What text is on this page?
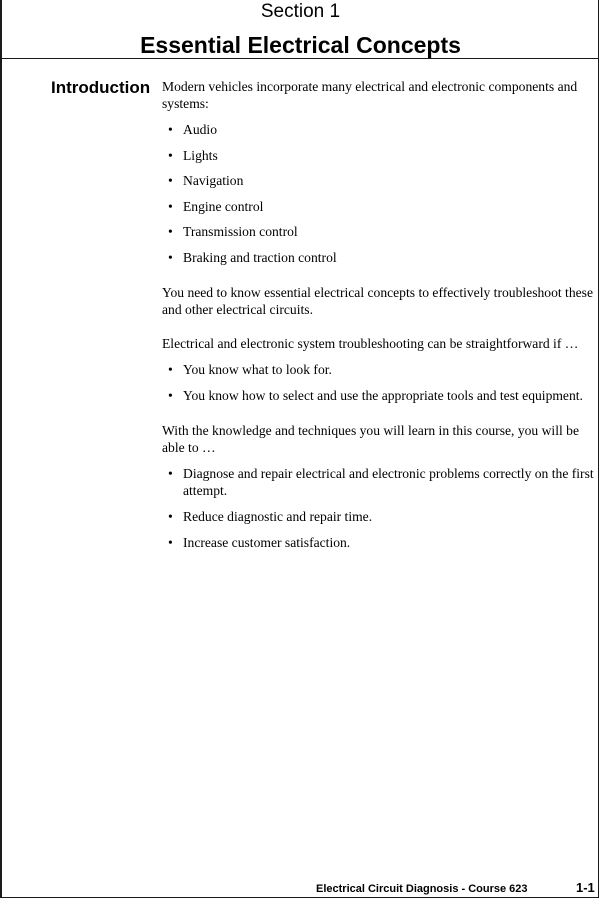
Section 1
Essential Electrical Concepts
Introduction Modern vehicles incorporate many electrical and electronic components and systems:

• Audio
• Lights
• Navigation
• Engine control
• Transmission control
• Braking and traction control

You need to know essential electrical concepts to effectively troubleshoot these and other electrical circuits.

Electrical and electronic system troubleshooting can be straightforward if …

• You know what to look for.
• You know how to select and use the appropriate tools and test equipment.

With the knowledge and techniques you will learn in this course, you will be able to …

• Diagnose and repair electrical and electronic problems correctly on the first attempt.
• Reduce diagnostic and repair time.
• Increase customer satisfaction.
Electrical Circuit Diagnosis - Course 623	1-1
